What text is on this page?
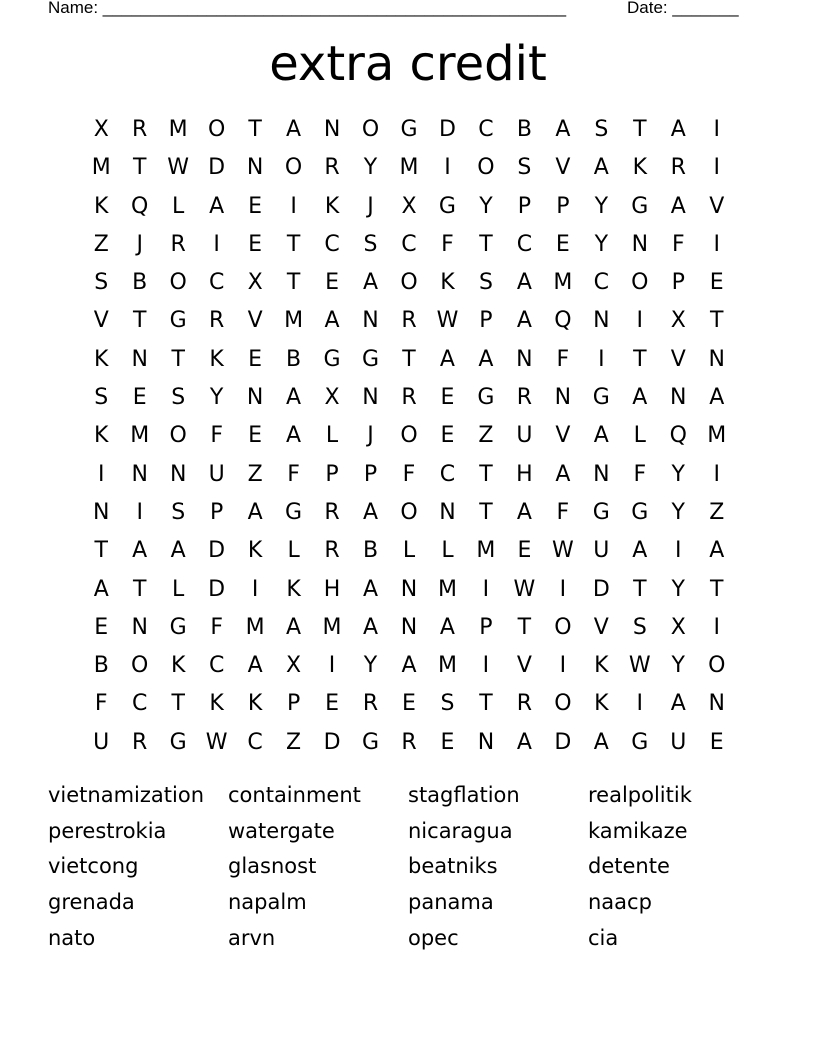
Name: _________________________________________________	Date: _______
extra credit
X	R M O	T	A	N O G D	C	B	A	S	T	A	I
M	T W D N O	R	Y	M	I	O	S	V	A	K	R	I
K	Q	L	A	E	I	K	J	X	G	Y	P	P	Y	G	A	V
Z	J	R	I	E	T	C	S	C	F	T	C	E	Y	N	F	I
S	B	O	C	X	T	E	A	O	K	S	A M C	O	P	E
V	T	G	R	V M A	N	R W P	A	Q N	I	X	T
K	N	T	K	E	B	G G	T	A	A	N	F	I	T	V	N
S	E	S	Y	N	A	X	N	R	E	G	R	N G	A	N	A
K M O	F	E	A	L	J	O	E	Z	U	V	A	L	Q M
I	N	N	U	Z	F	P	P	F	C	T	H	A	N	F	Y	I
N	I	S	P	A	G	R	A	O N	T	A	F	G G	Y	Z
T	A	A	D	K	L	R	B	L	L	M	E W U	A	I	A
A	T	L	D	I	K	H	A	N M	I	W	I	D	T	Y	T
E	N G	F	M A M A	N	A	P	T	O	V	S	X	I
B	O	K	C	A	X	I	Y	A M	I	V	I	K W Y	O
F	C	T	K	K	P	E	R	E	S	T	R	O	K	I	A	N
U	R	G W C	Z	D G	R	E	N	A	D	A	G U	E
vietnamization	containment	stagflation	realpolitik
perestrokia	watergate	nicaragua	kamikaze
vietcong	glasnost	beatniks	detente
grenada	napalm	panama	naacp
nato	arvn	opec	cia
